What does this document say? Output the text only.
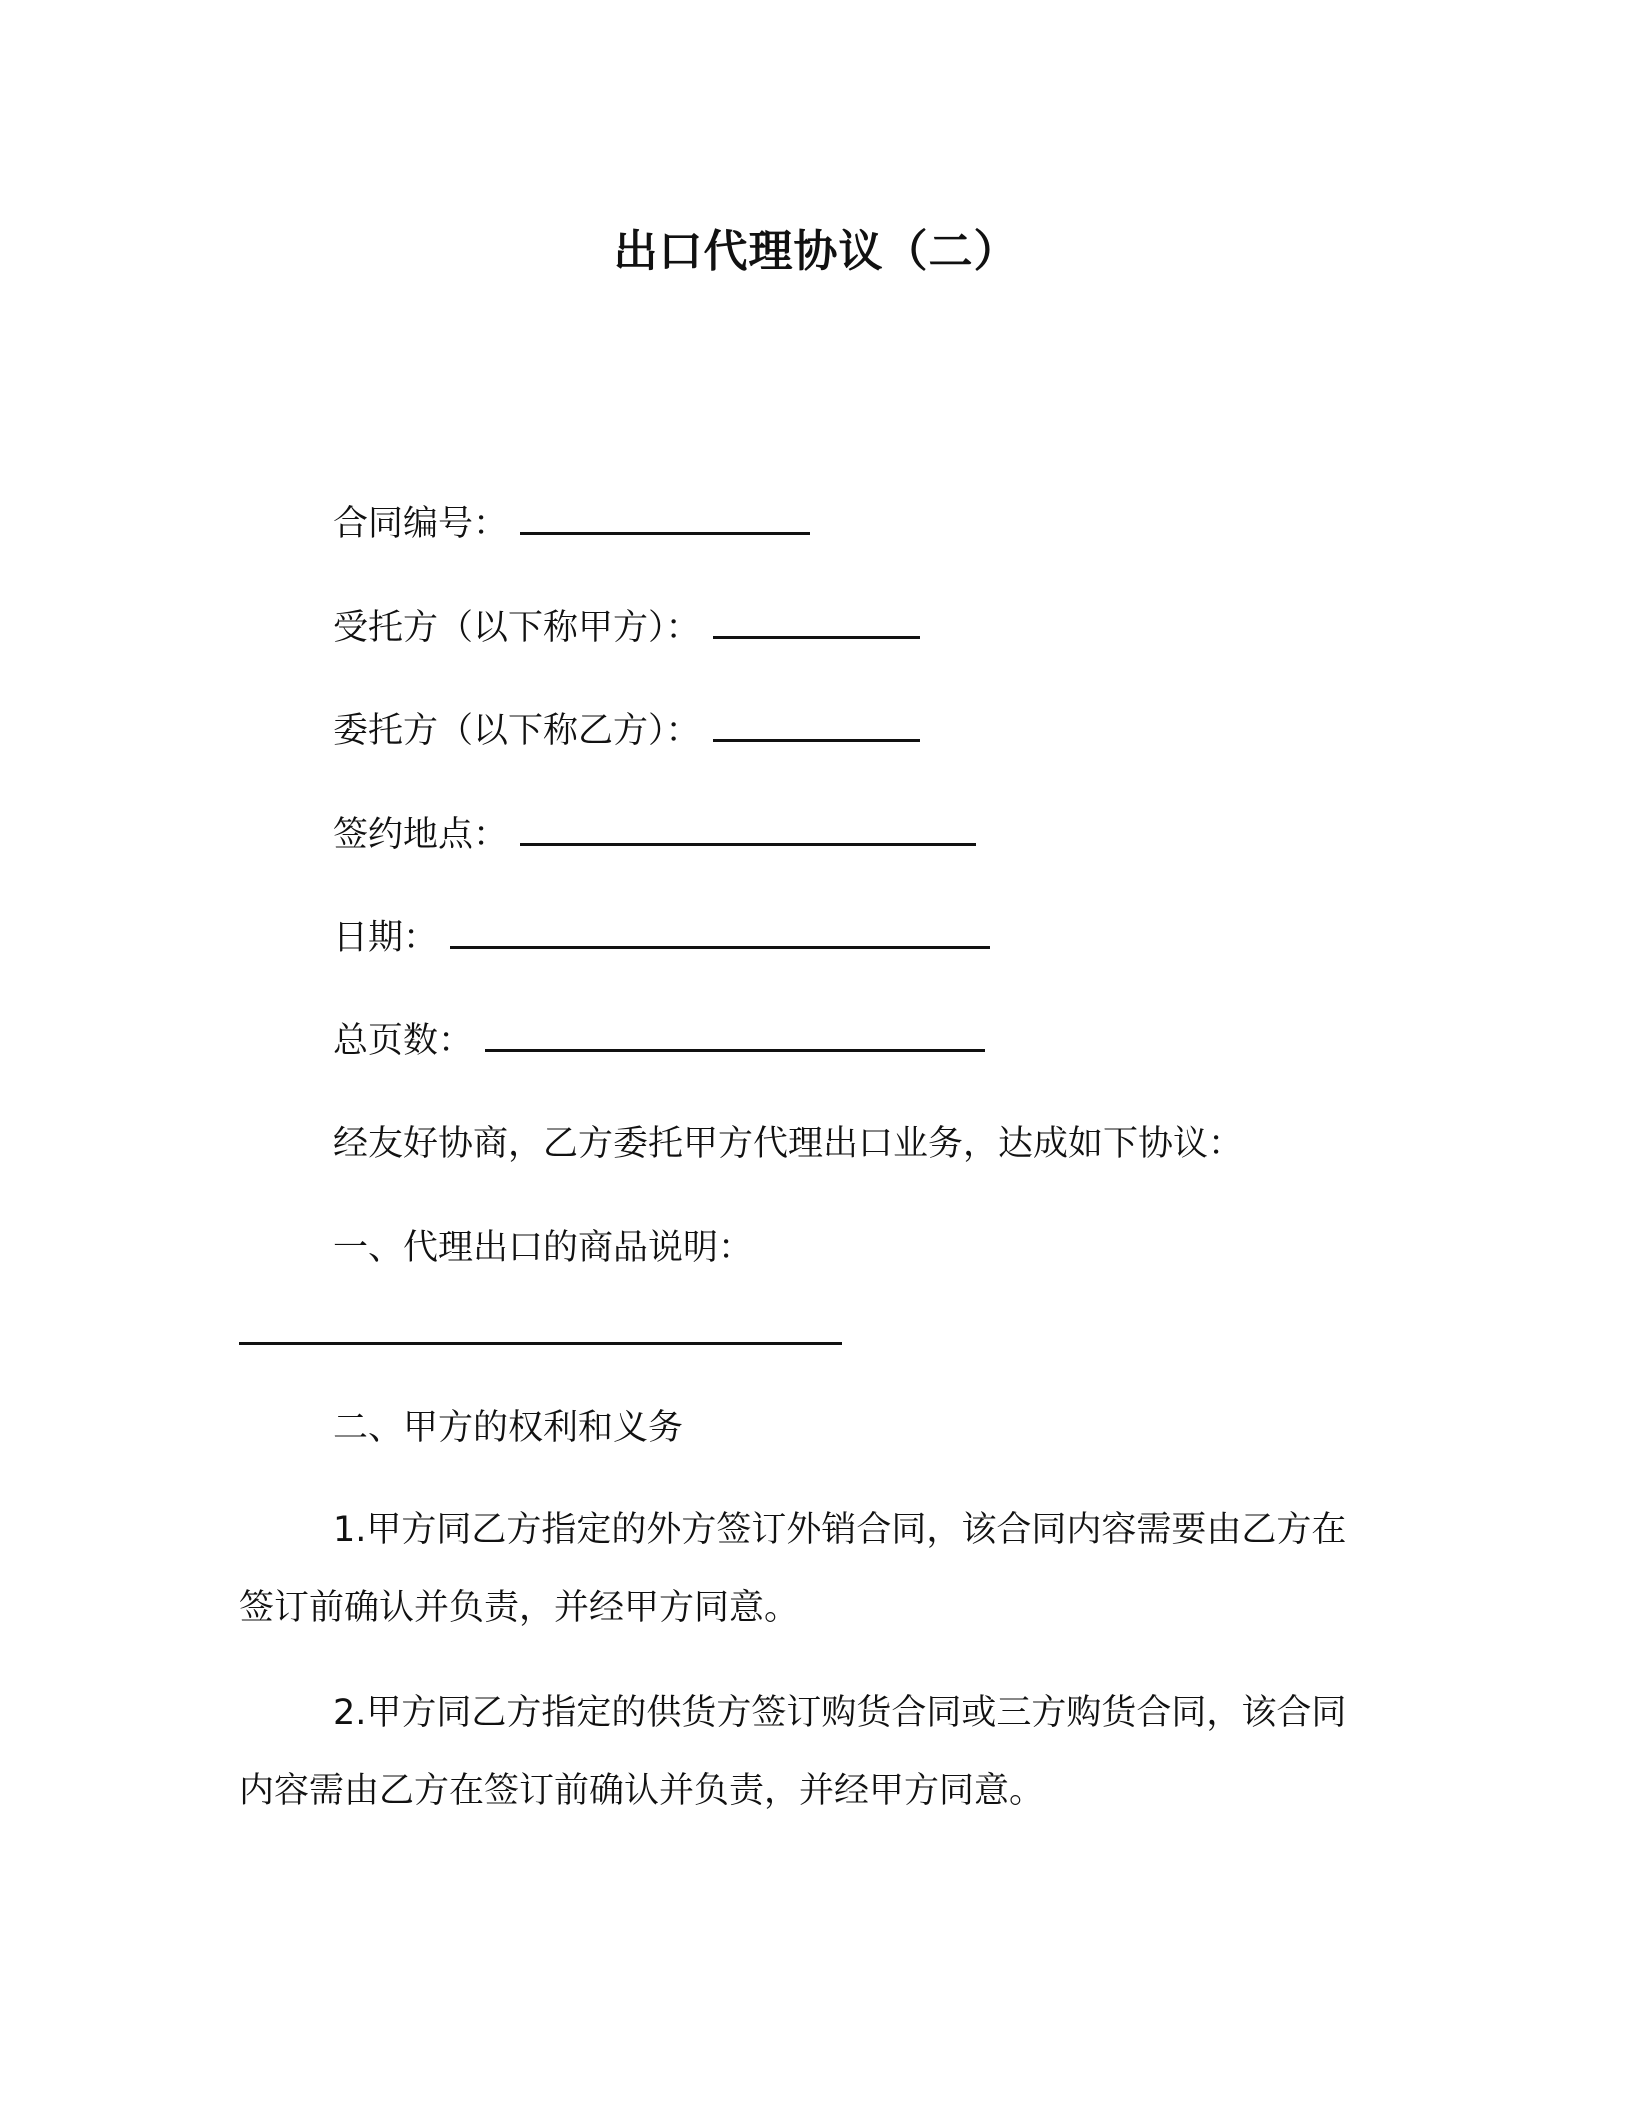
出口代理协议（二）
合同编号：
受托方（以下称甲方）：
委托方（以下称乙方）：
签约地点：
日期：
总页数：
经友好协商，乙方委托甲方代理出口业务，达成如下协议：
一、代理出口的商品说明：
二、甲方的权利和义务
1.甲方同乙方指定的外方签订外销合同，该合同内容需要由乙方在签订前确认并负责，并经甲方同意。
2.甲方同乙方指定的供货方签订购货合同或三方购货合同，该合同内容需由乙方在签订前确认并负责，并经甲方同意。
